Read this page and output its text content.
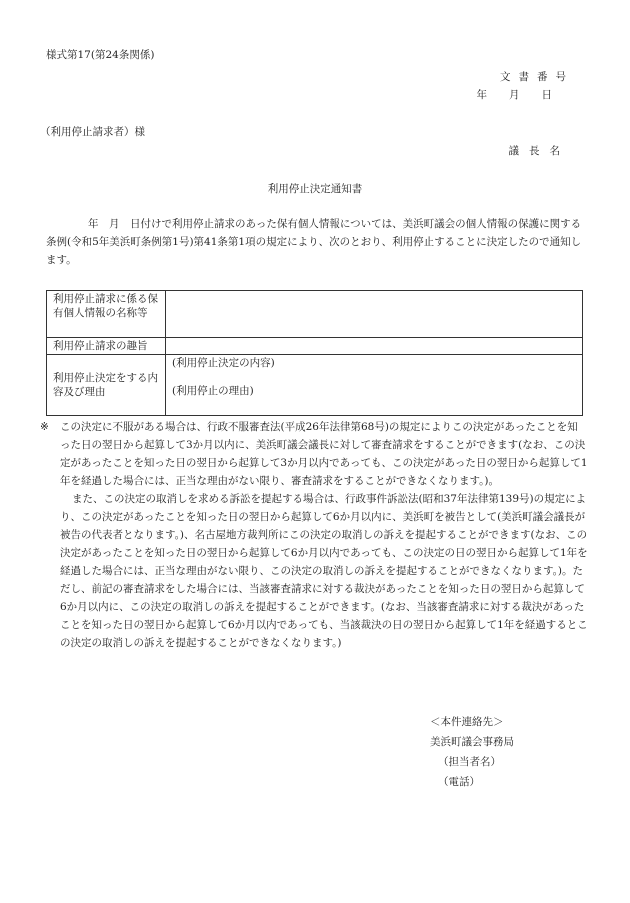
様式第17(第24条関係)
文書番号
年月日
（利用停止請求者）様
議長名
利用停止決定通知書
年　月　日付けで利用停止請求のあった保有個人情報については、美浜町議会の個人情報の保護に関する条例(令和5年美浜町条例第1号)第41条第1項の規定により、次のとおり、利用停止することに決定したので通知します。
利用停止請求に係る保有個人情報の名称等	
利用停止請求の趣旨	
利用停止決定をする内容及び理由	(利用停止決定の内容)
(利用停止の理由)

※ この決定に不服がある場合は、行政不服審査法(平成26年法律第68号)の規定によりこの決定があったことを知った日の翌日から起算して3か月以内に、美浜町議会議長に対して審査請求をすることができます(なお、この決定があったことを知った日の翌日から起算して3か月以内であっても、この決定があった日の翌日から起算して1年を経過した場合には、正当な理由がない限り、審査請求をすることができなくなります。)。

また、この決定の取消しを求める訴訟を提起する場合は、行政事件訴訟法(昭和37年法律第139号)の規定により、この決定があったことを知った日の翌日から起算して6か月以内に、美浜町を被告として(美浜町議会議長が被告の代表者となります。)、名古屋地方裁判所にこの決定の取消しの訴えを提起することができます(なお、この決定があったことを知った日の翌日から起算して6か月以内であっても、この決定の日の翌日から起算して1年を経過した場合には、正当な理由がない限り、この決定の取消しの訴えを提起することができなくなります。)。ただし、前記の審査請求をした場合には、当該審査請求に対する裁決があったことを知った日の翌日から起算して6か月以内に、この決定の取消しの訴えを提起することができます。(なお、当該審査請求に対する裁決があったことを知った日の翌日から起算して6か月以内であっても、当該裁決の日の翌日から起算して1年を経過するとこの決定の取消しの訴えを提起することができなくなります。)

＜本件連絡先＞
美浜町議会事務局
（担当者名）
（電話）
